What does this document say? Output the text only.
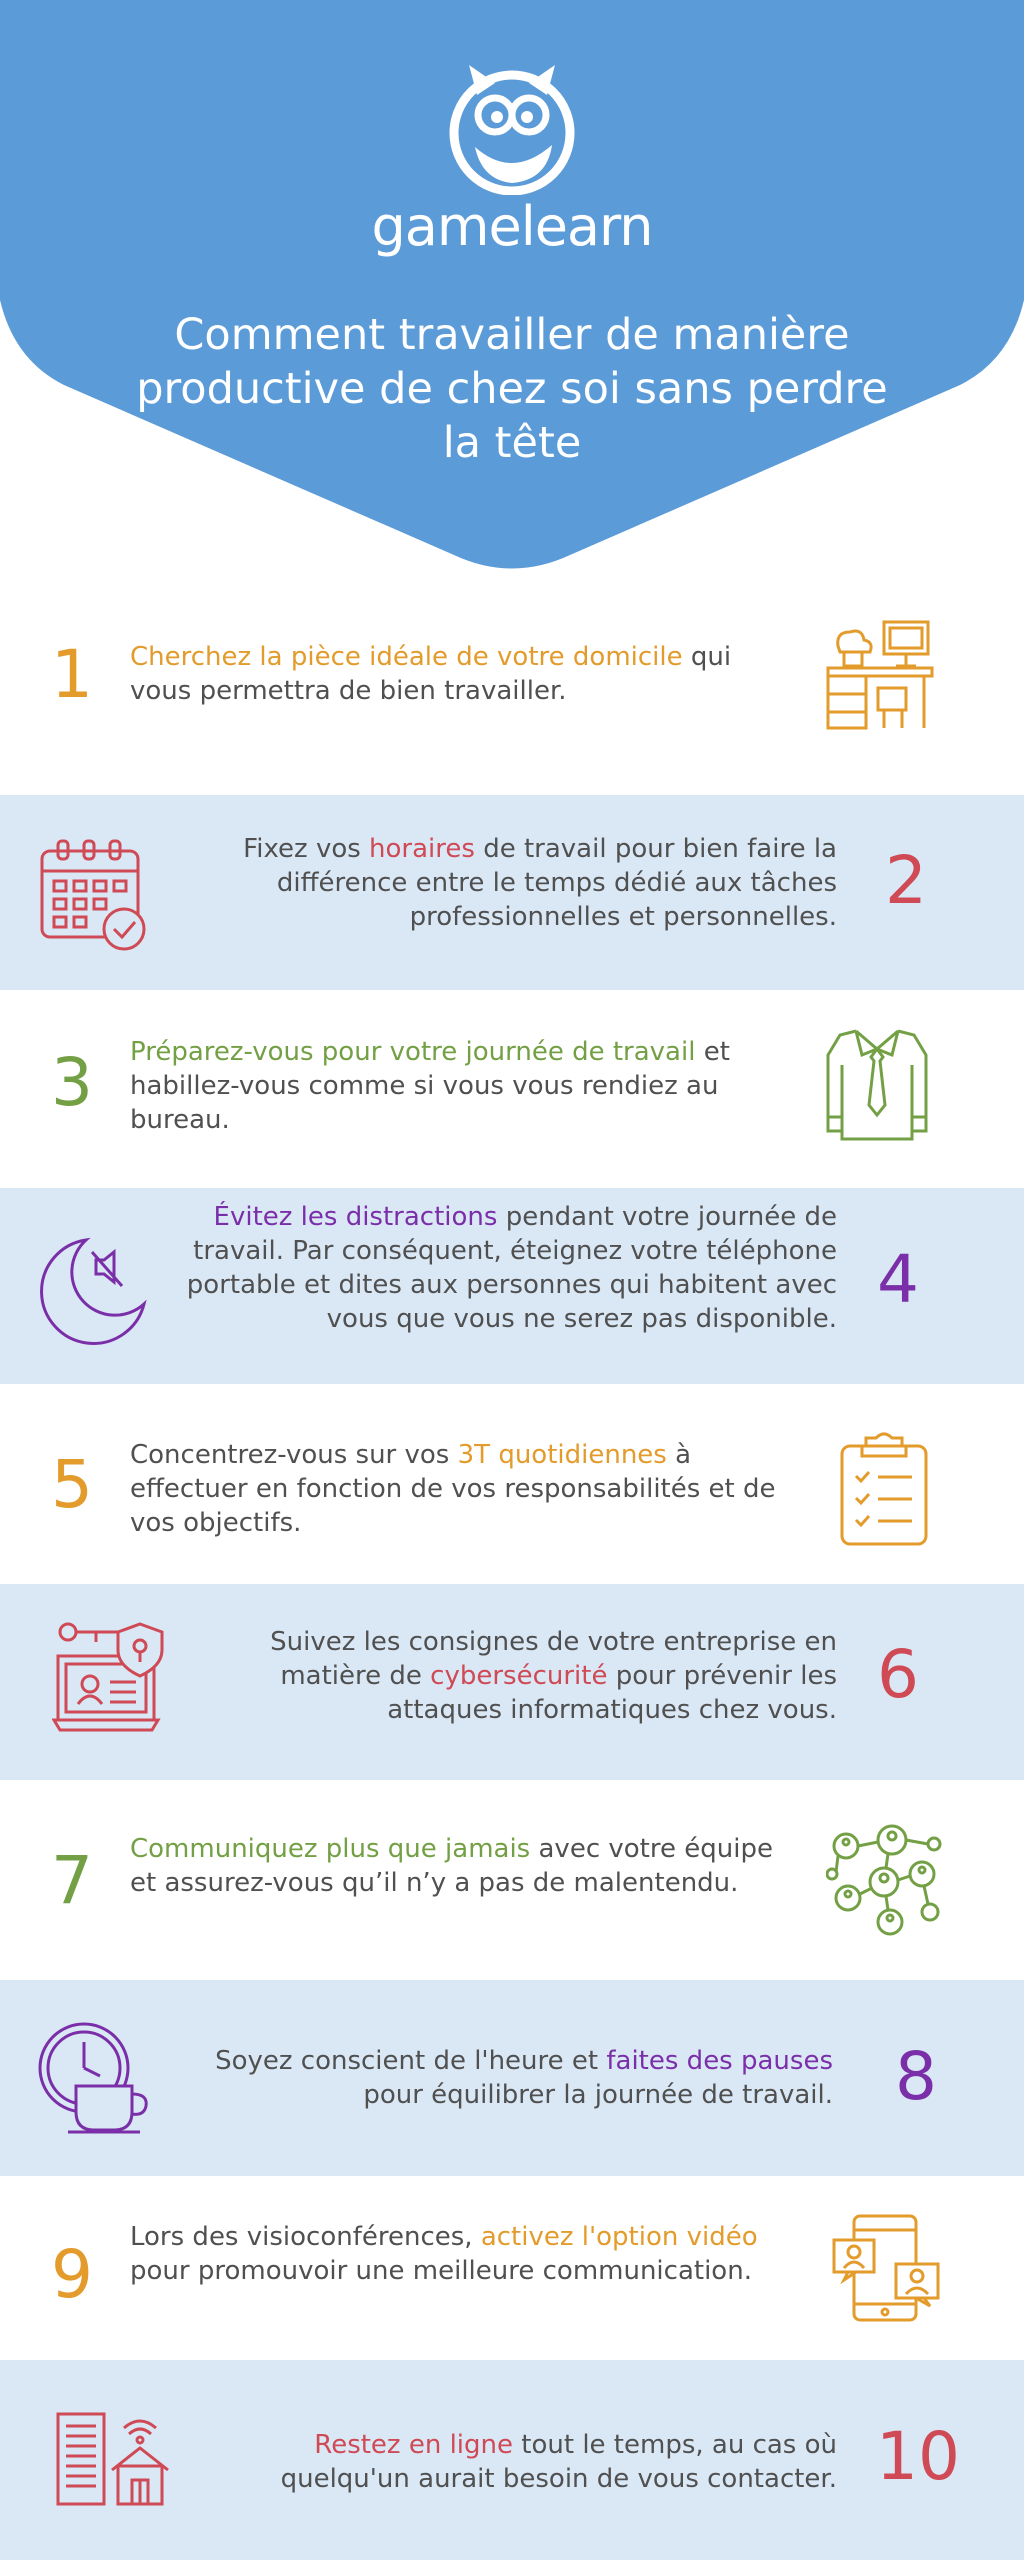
gamelearn
Comment travailler de manière productive de chez soi sans perdre la tête
1	Cherchez la pièce idéale de votre domicile qui vous permettra de bien travailler.
Fixez vos horaires de travail pour bien faire la différence entre le temps dédié aux tâches professionnelles et personnelles. 2
3	Préparez-vous pour votre journée de travail et habillez-vous comme si vous vous rendiez au bureau.
Évitez les distractions pendant votre journée de travail. Par conséquent, éteignez votre téléphone portable et dites aux personnes qui habitent avec vous que vous ne serez pas disponible.
4
5	Concentrez-vous sur vos 3T quotidiennes à effectuer en fonction de vos responsabilités et de vos objectifs.
Suivez les consignes de votre entreprise en matière de cybersécurité pour prévenir les attaques informatiques chez vous. 6
7	Communiquez plus que jamais avec votre équipe et assurez-vous qu’il n’y a pas de malentendu.
Soyez conscient de l'heure et faites des pauses pour équilibrer la journée de travail. 8
9	Lors des visioconférences, activez l'option vidéo pour promouvoir une meilleure communication.
Restez en ligne tout le temps, au cas où quelqu'un aurait besoin de vous contacter. 10
